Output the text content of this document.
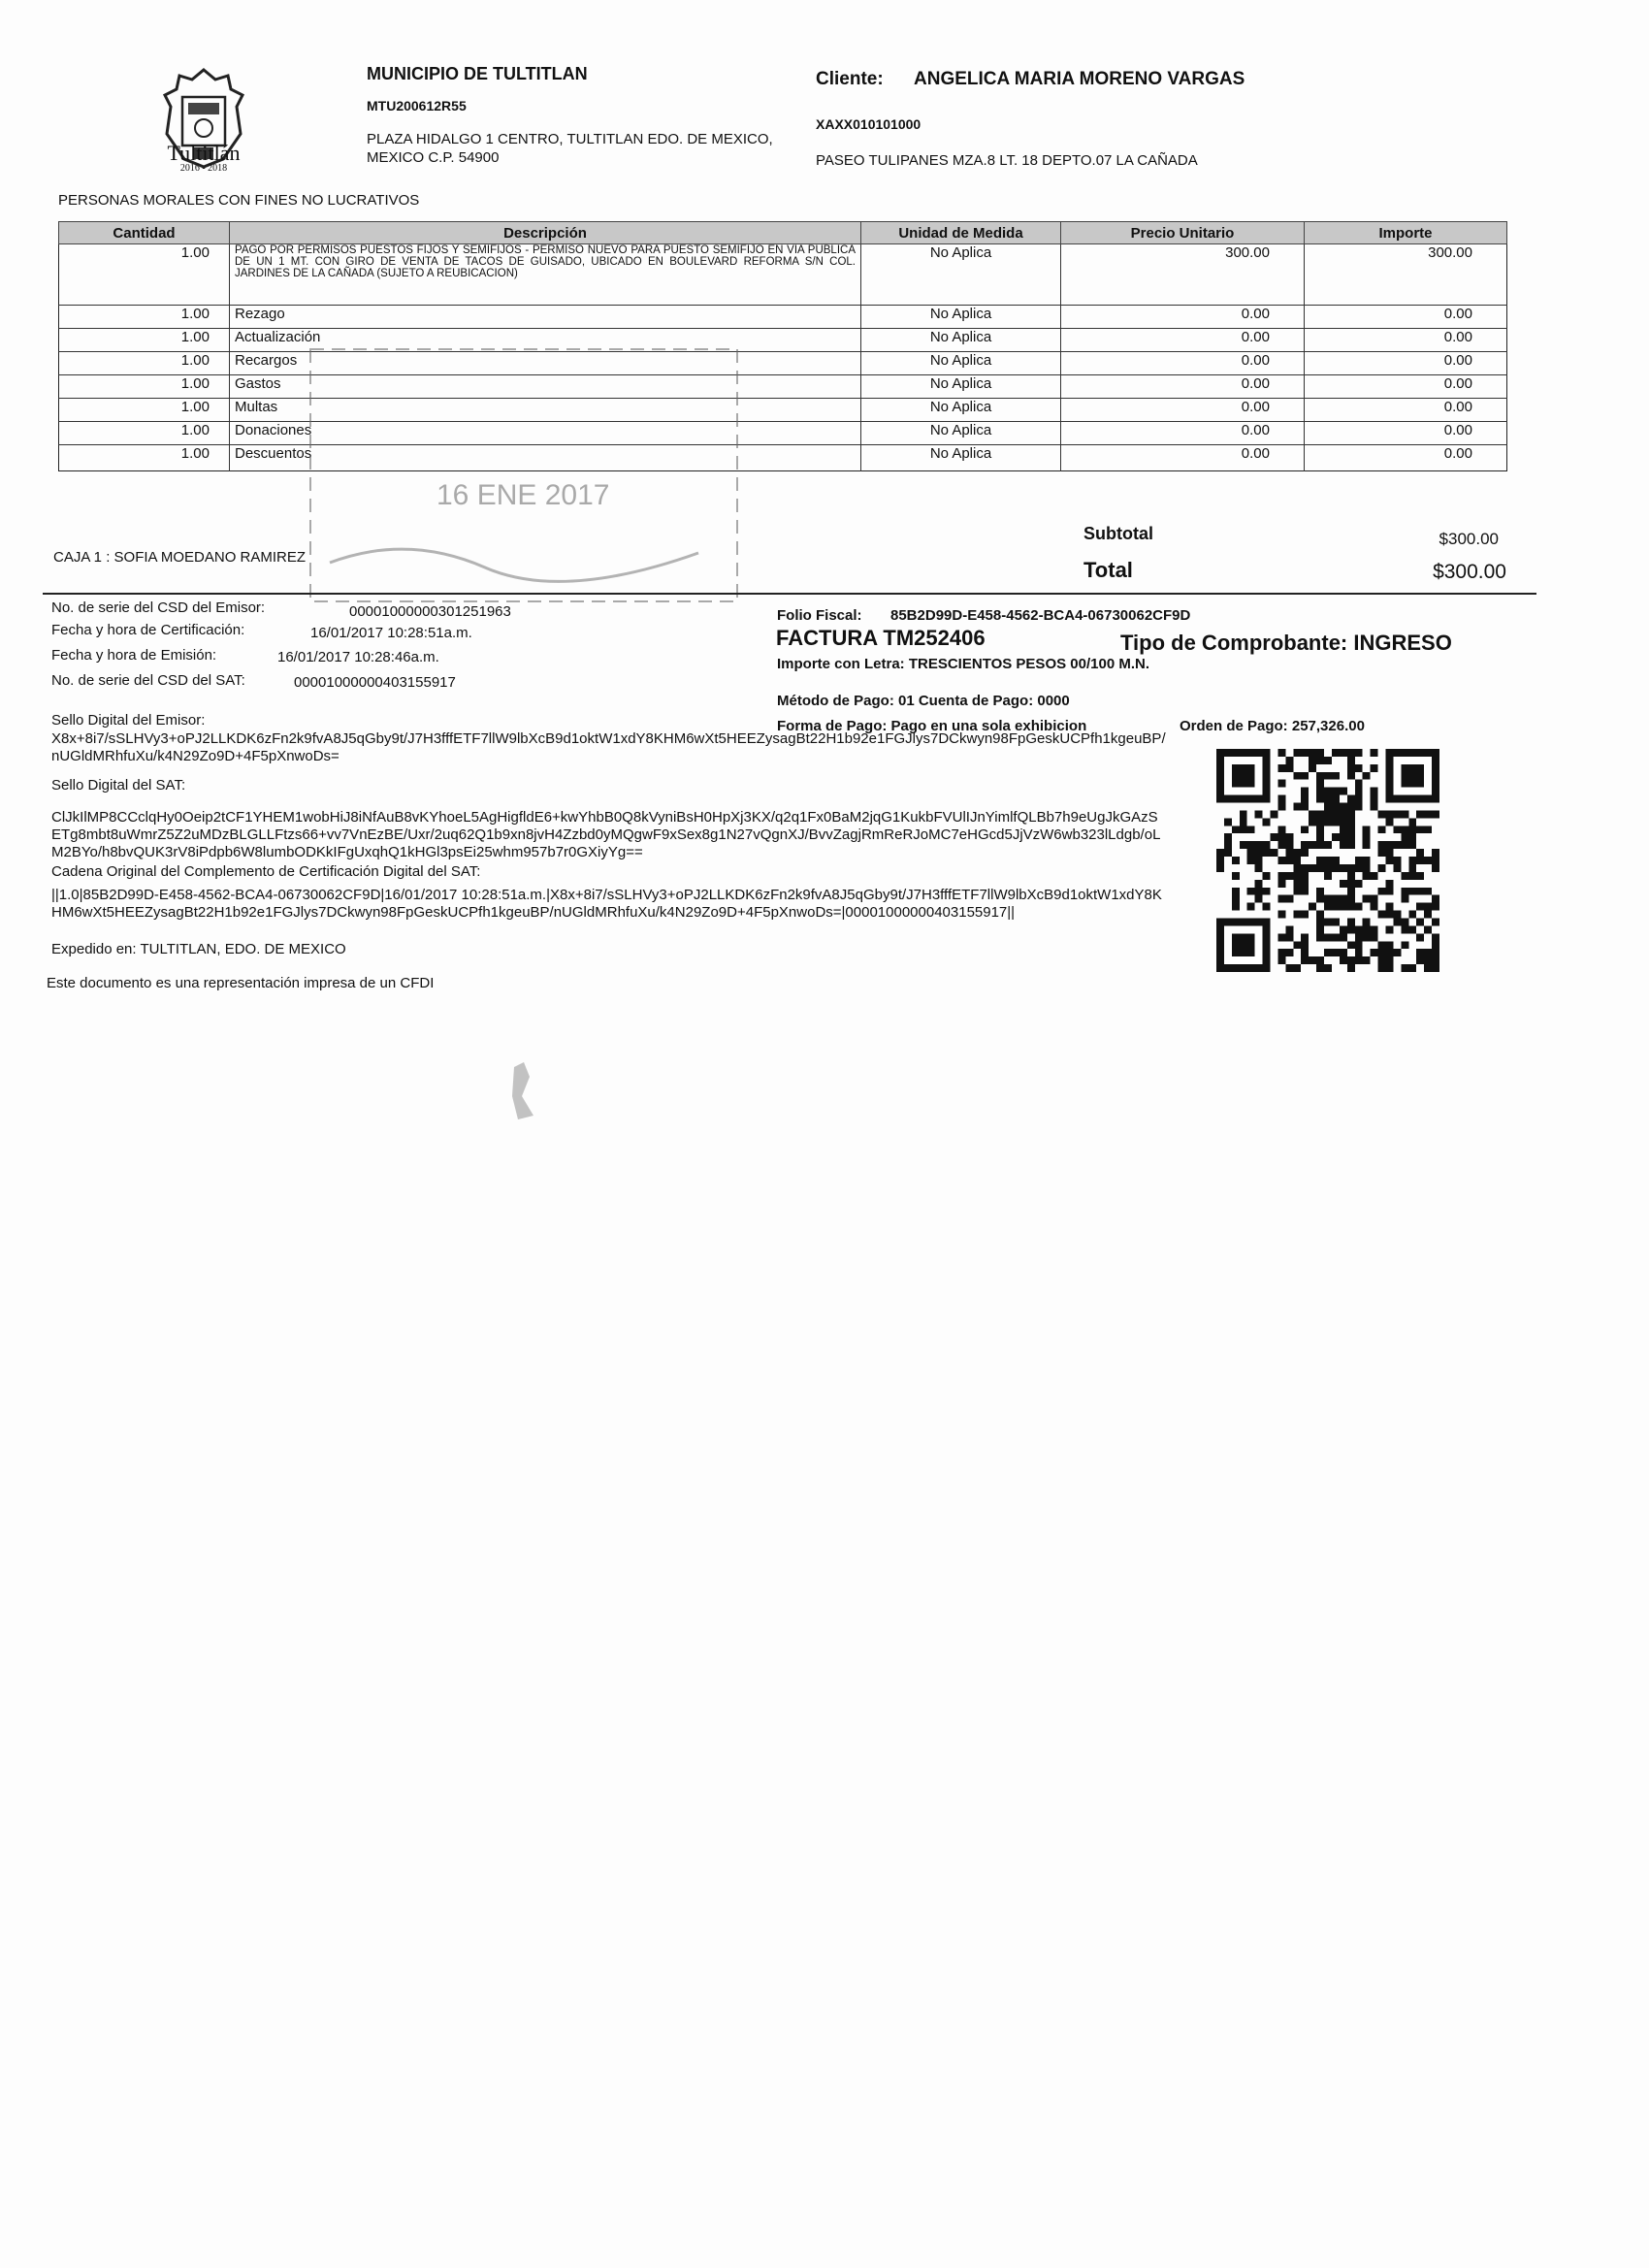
Tultitlán
2016 - 2018
MUNICIPIO DE TULTITLAN
MTU200612R55
PLAZA HIDALGO 1 CENTRO, TULTITLAN EDO. DE MEXICO, MEXICO C.P. 54900
Cliente: ANGELICA MARIA MORENO VARGAS
XAXX010101000
PASEO TULIPANES MZA.8 LT. 18 DEPTO.07 LA CAÑADA
PERSONAS MORALES CON FINES NO LUCRATIVOS
Cantidad	Descripción	Unidad de Medida	Precio Unitario	Importe
1.00	PAGO POR PERMISOS PUESTOS FIJOS Y SEMIFIJOS - PERMISO NUEVO PARA PUESTO SEMIFIJO EN VIA PUBLICA DE UN 1 MT. CON GIRO DE VENTA DE TACOS DE GUISADO, UBICADO EN BOULEVARD REFORMA S/N COL. JARDINES DE LA CAÑADA (SUJETO A REUBICACION)	No Aplica	300.00	300.00
1.00	Rezago	No Aplica	0.00	0.00
1.00	Actualización	No Aplica	0.00	0.00
1.00	Recargos	No Aplica	0.00	0.00
1.00	Gastos	No Aplica	0.00	0.00
1.00	Multas	No Aplica	0.00	0.00
1.00	Donaciones	No Aplica	0.00	0.00
1.00	Descuentos	No Aplica	0.00	0.00
16 ENE 2017
CAJA 1 : SOFIA MOEDANO RAMIREZ
Subtotal	$300.00
Total	$300.00
No. de serie del CSD del Emisor:	00001000000301251963
Fecha y hora de Certificación:	16/01/2017 10:28:51a.m.
Fecha y hora de Emisión:	16/01/2017 10:28:46a.m.
No. de serie del CSD del SAT:	00001000000403155917
Folio Fiscal: 85B2D99D-E458-4562-BCA4-06730062CF9D
FACTURA TM252406	Tipo de Comprobante: INGRESO
Importe con Letra: TRESCIENTOS PESOS 00/100 M.N.
Método de Pago: 01 Cuenta de Pago: 0000
Forma de Pago: Pago en una sola exhibicion	Orden de Pago: 257,326.00
Sello Digital del Emisor:
X8x+8i7/sSLHVy3+oPJ2LLKDK6zFn2k9fvA8J5qGby9t/J7H3fffETF7llW9lbXcB9d1oktW1xdY8KHM6wXt5HEEZysagBt22H1b92e1FGJlys7DCkwyn98FpGeskUCPfh1kgeuBP/nUGldMRhfuXu/k4N29Zo9D+4F5pXnwoDs=
Sello Digital del SAT:
ClJkIlMP8CCclqHy0Oeip2tCF1YHEM1wobHiJ8iNfAuB8vKYhoeL5AgHigfldE6+kwYhbB0Q8kVyniBsH0HpXj3KX/q2q1Fx0BaM2jqG1KukbFVUlIJnYimlfQLBb7h9eUgJkGAzSETg8mbt8uWmrZ5Z2uMDzBLGLLFtzs66+vv7VnEzBE/Uxr/2uq62Q1b9xn8jvH4Zzbd0yMQgwF9xSex8g1N27vQgnXJ/BvvZagjRmReRJoMC7eHGcd5JjVzW6wb323lLdgb/oLM2BYo/h8bvQUK3rV8iPdpb6W8lumbODKkIFgUxqhQ1kHGl3psEi25whm957b7r0GXiyYg==
Cadena Original del Complemento de Certificación Digital del SAT:
||1.0|85B2D99D-E458-4562-BCA4-06730062CF9D|16/01/2017 10:28:51a.m.|X8x+8i7/sSLHVy3+oPJ2LLKDK6zFn2k9fvA8J5qGby9t/J7H3fffETF7llW9lbXcB9d1oktW1xdY8KHM6wXt5HEEZysagBt22H1b92e1FGJlys7DCkwyn98FpGeskUCPfh1kgeuBP/nUGldMRhfuXu/k4N29Zo9D+4F5pXnwoDs=|00001000000403155917||
Expedido en: TULTITLAN, EDO. DE MEXICO
Este documento es una representación impresa de un CFDI
